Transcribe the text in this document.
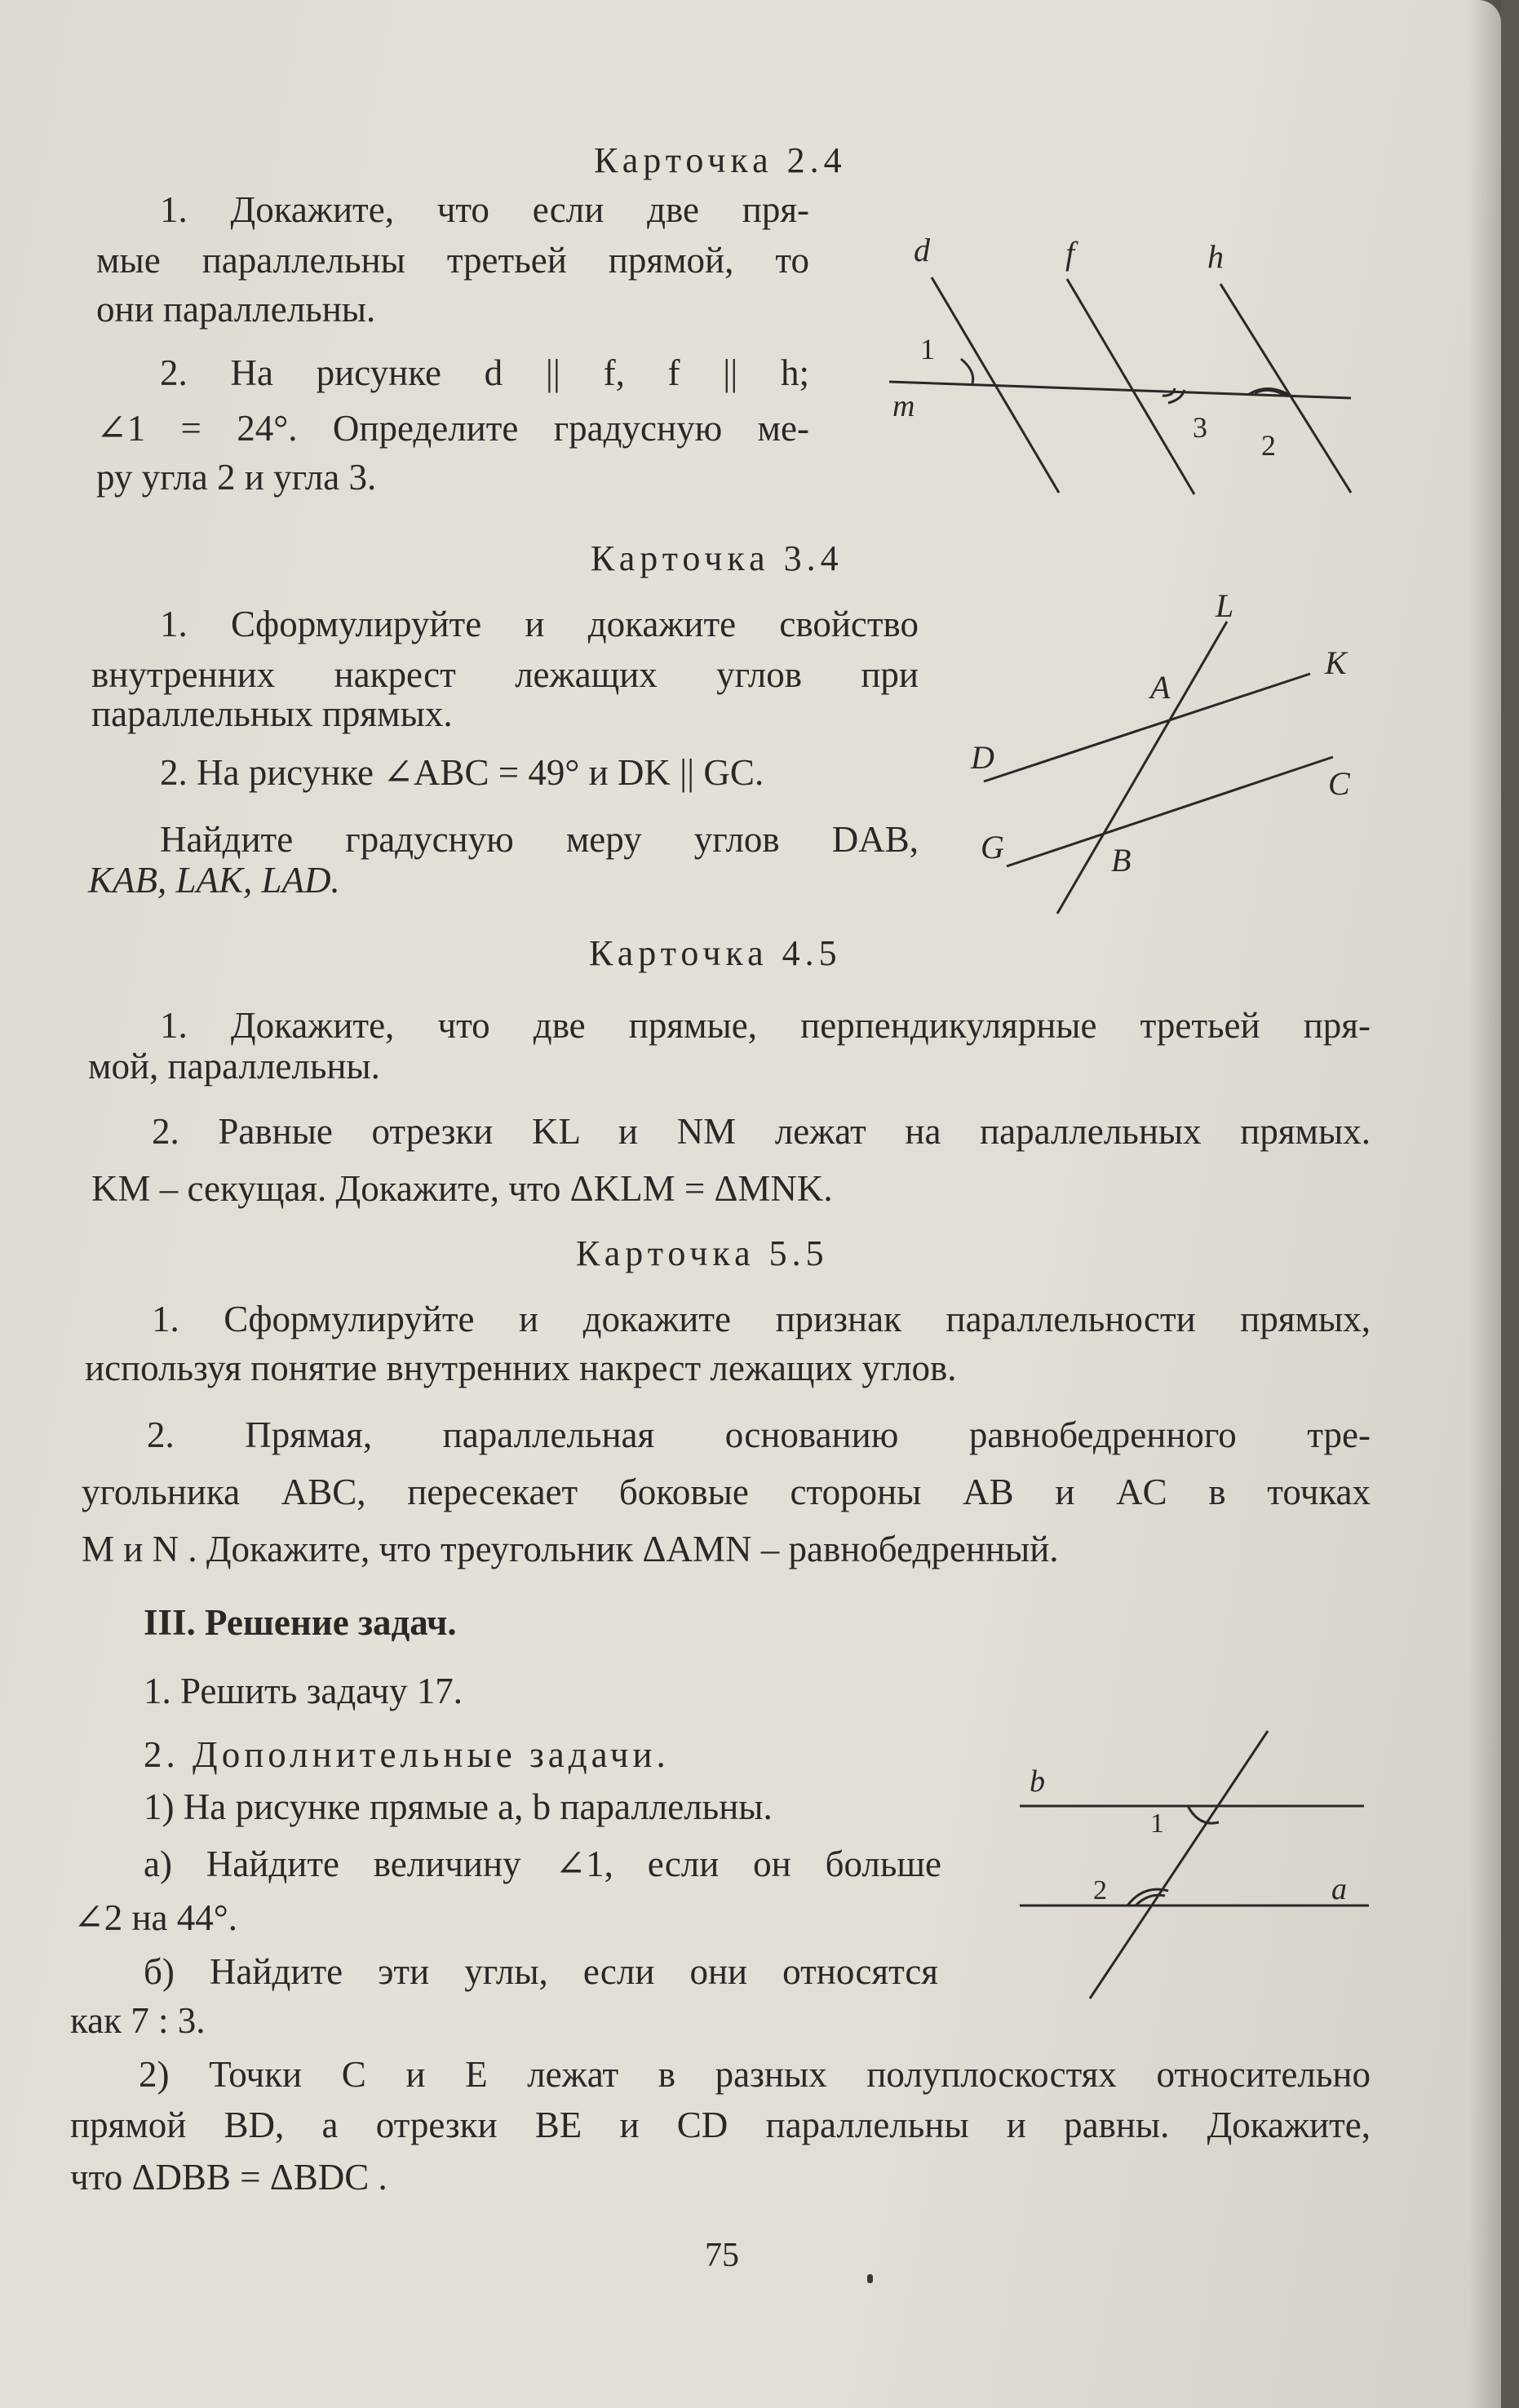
Карточка 2.4
1. Докажите, что если две пря-
мые параллельны третьей прямой, то
они параллельны.
2. На рисунке d || f, f || h;
∠1 = 24°. Определите градусную ме-
ру угла 2 и угла 3.
d	f	h
m
1
3
2
Карточка 3.4
1. Сформулируйте и докажите свойство
внутренних накрест лежащих углов при
параллельных прямых.
2. На рисунке ∠ABC = 49° и DK || GC.
Найдите градусную меру углов DAB,
KAB, LAK, LAD.
L
K
A
D
C
G	B
Карточка 4.5
1. Докажите, что две прямые, перпендикулярные третьей пря-
мой, параллельны.
2. Равные отрезки KL и NM лежат на параллельных прямых.
KM – секущая. Докажите, что ΔKLM = ΔMNK.
Карточка 5.5
1. Сформулируйте и докажите признак параллельности прямых,
используя понятие внутренних накрест лежащих углов.
2. Прямая, параллельная основанию равнобедренного тре-
угольника ABC, пересекает боковые стороны AB и AC в точках
M и N . Докажите, что треугольник ΔAMN – равнобедренный.
III. Решение задач.
1. Решить задачу 17.
2. Дополнительные задачи.
1) На рисунке прямые a, b параллельны.
а) Найдите величину ∠1, если он больше
∠2 на 44°.
б) Найдите эти углы, если они относятся
как 7 : 3.
2) Точки C и E лежат в разных полуплоскостях относительно
прямой BD, а отрезки BE и CD параллельны и равны. Докажите,
что ΔDBB = ΔBDC .
b
a
1
2
75
